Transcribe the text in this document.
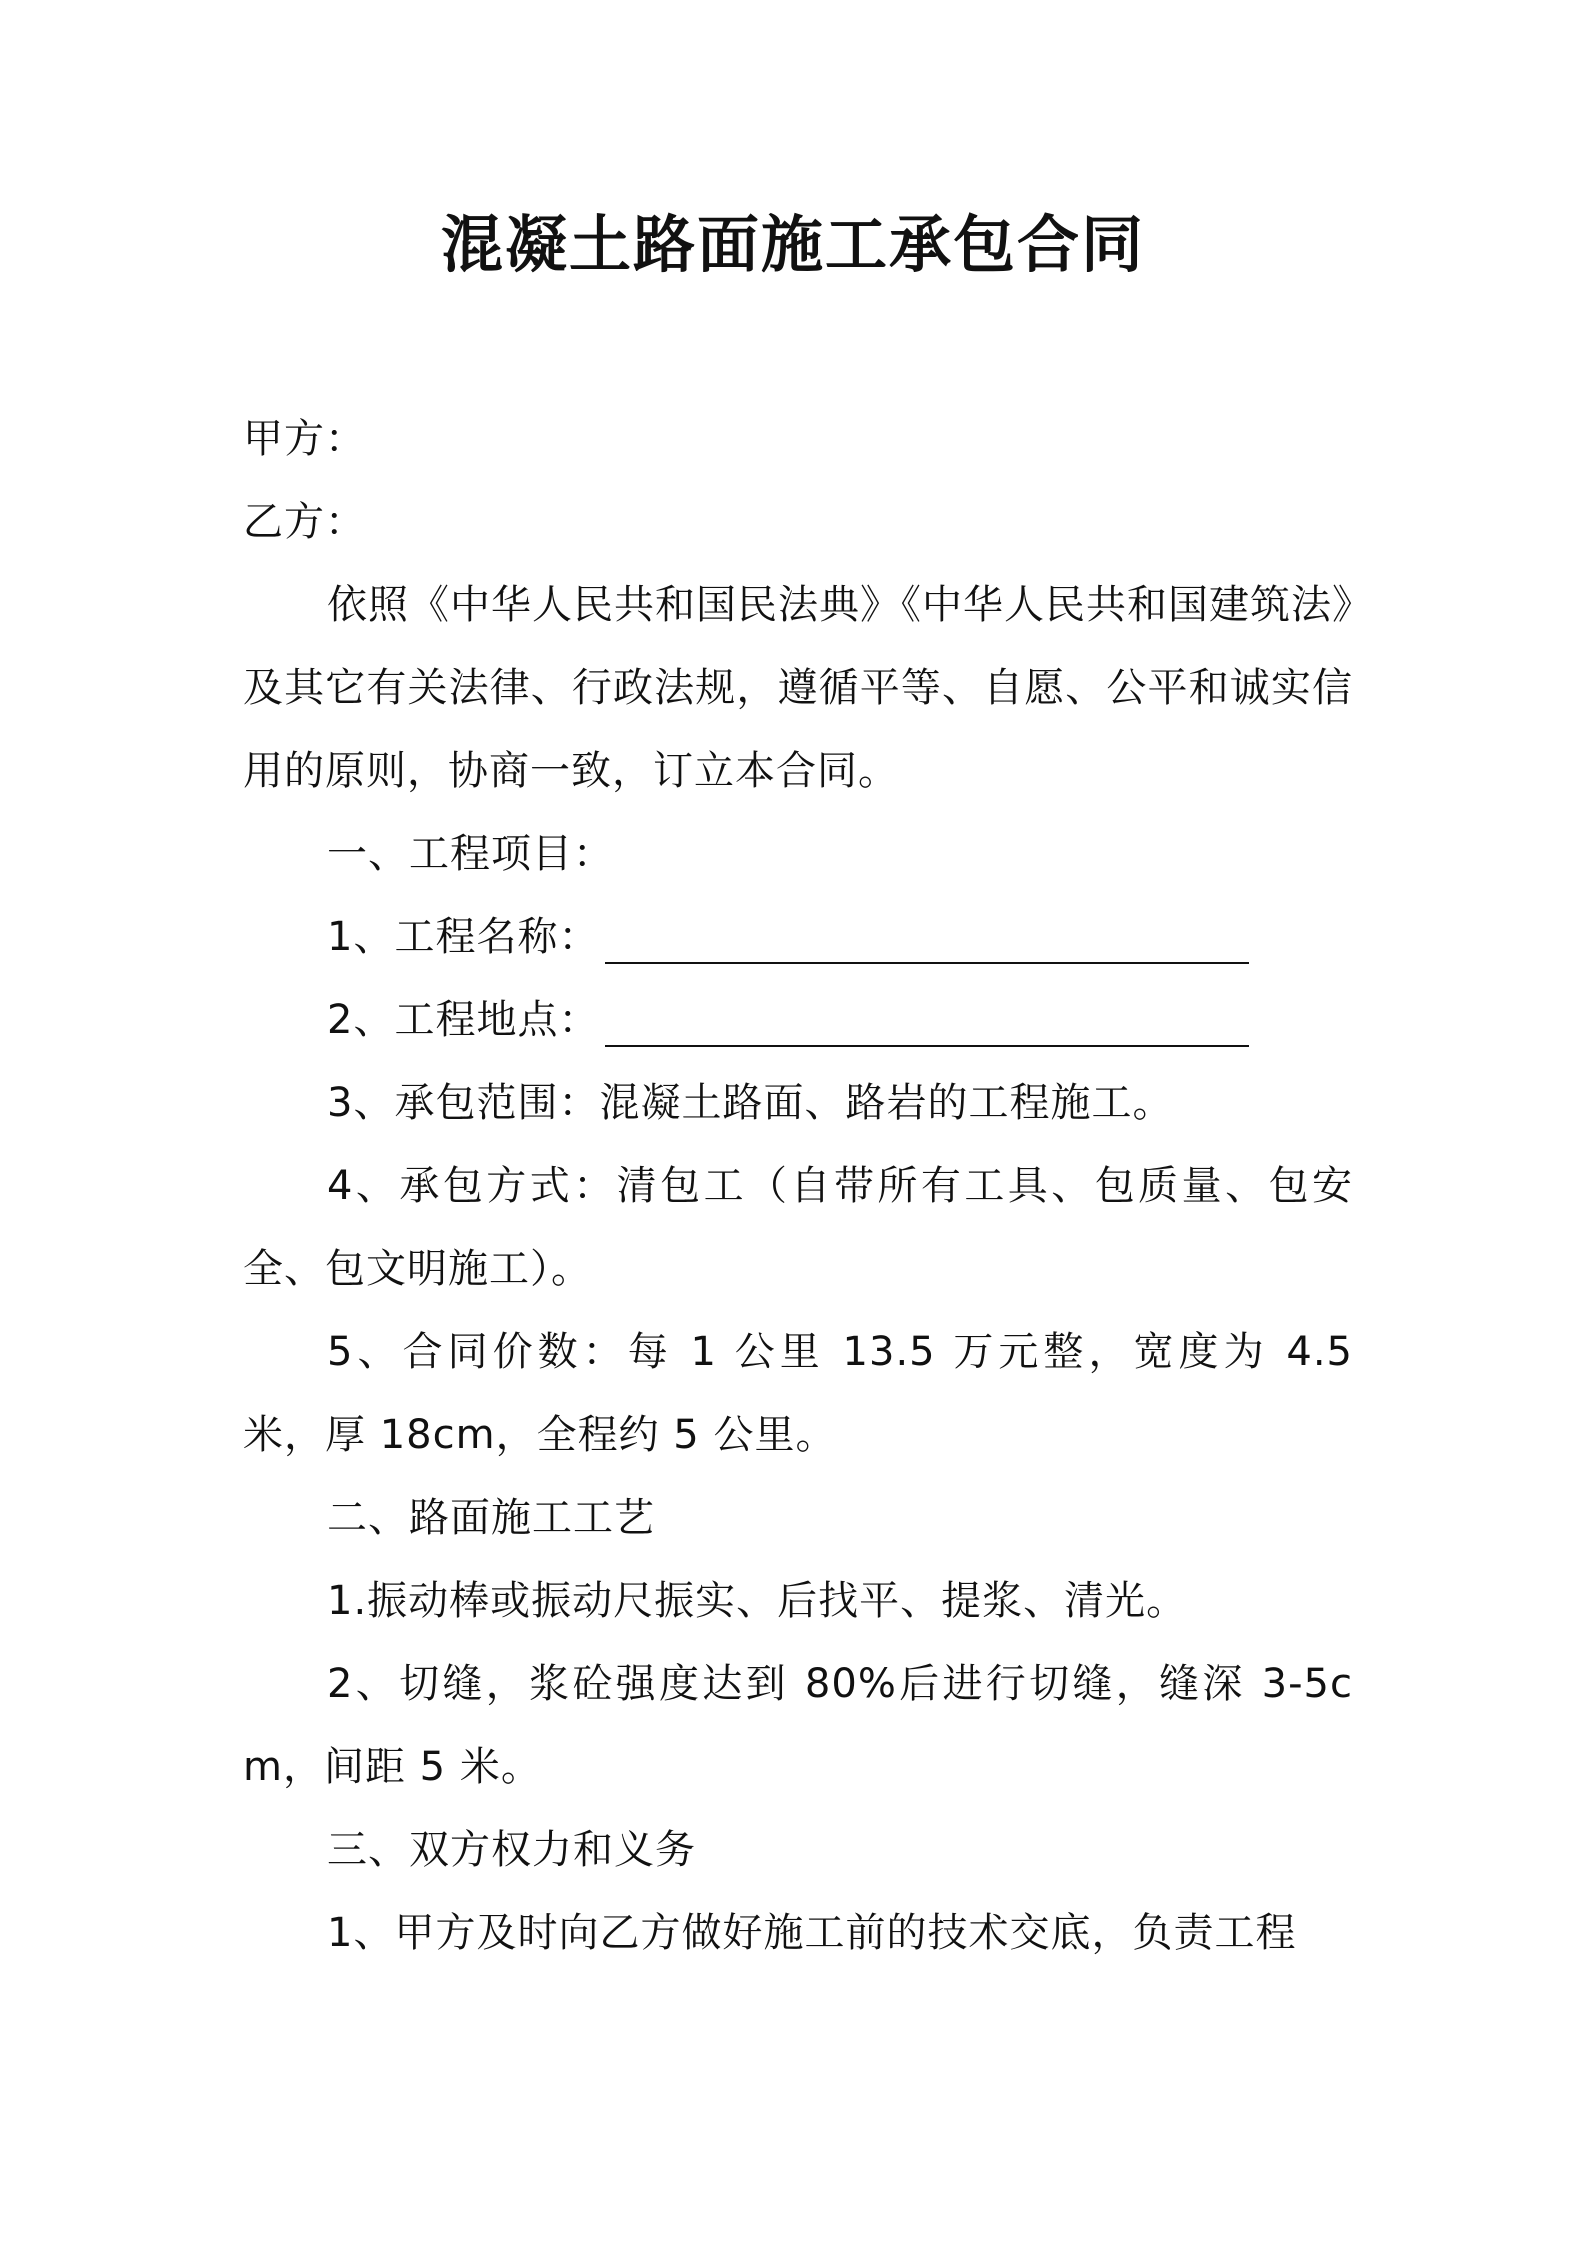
混凝土路面施工承包合同

甲方：

乙方：

依照《中华人民共和国民法典》《中华人民共和国建筑法》及其它有关法律、行政法规，遵循平等、自愿、公平和诚实信用的原则，协商一致，订立本合同。

一、工程项目：

1、工程名称：

2、工程地点：

3、承包范围：混凝土路面、路岩的工程施工。

4、承包方式：清包工（自带所有工具、包质量、包安全、包文明施工）。

5、合同价数：每 1 公里 13.5 万元整，宽度为 4.5 米，厚 18cm，全程约 5 公里。

二、路面施工工艺

1.振动棒或振动尺振实、后找平、提浆、清光。

2、切缝，浆砼强度达到 80%后进行切缝，缝深 3-5cm，间距 5 米。

三、双方权力和义务

1、甲方及时向乙方做好施工前的技术交底，负责工程
